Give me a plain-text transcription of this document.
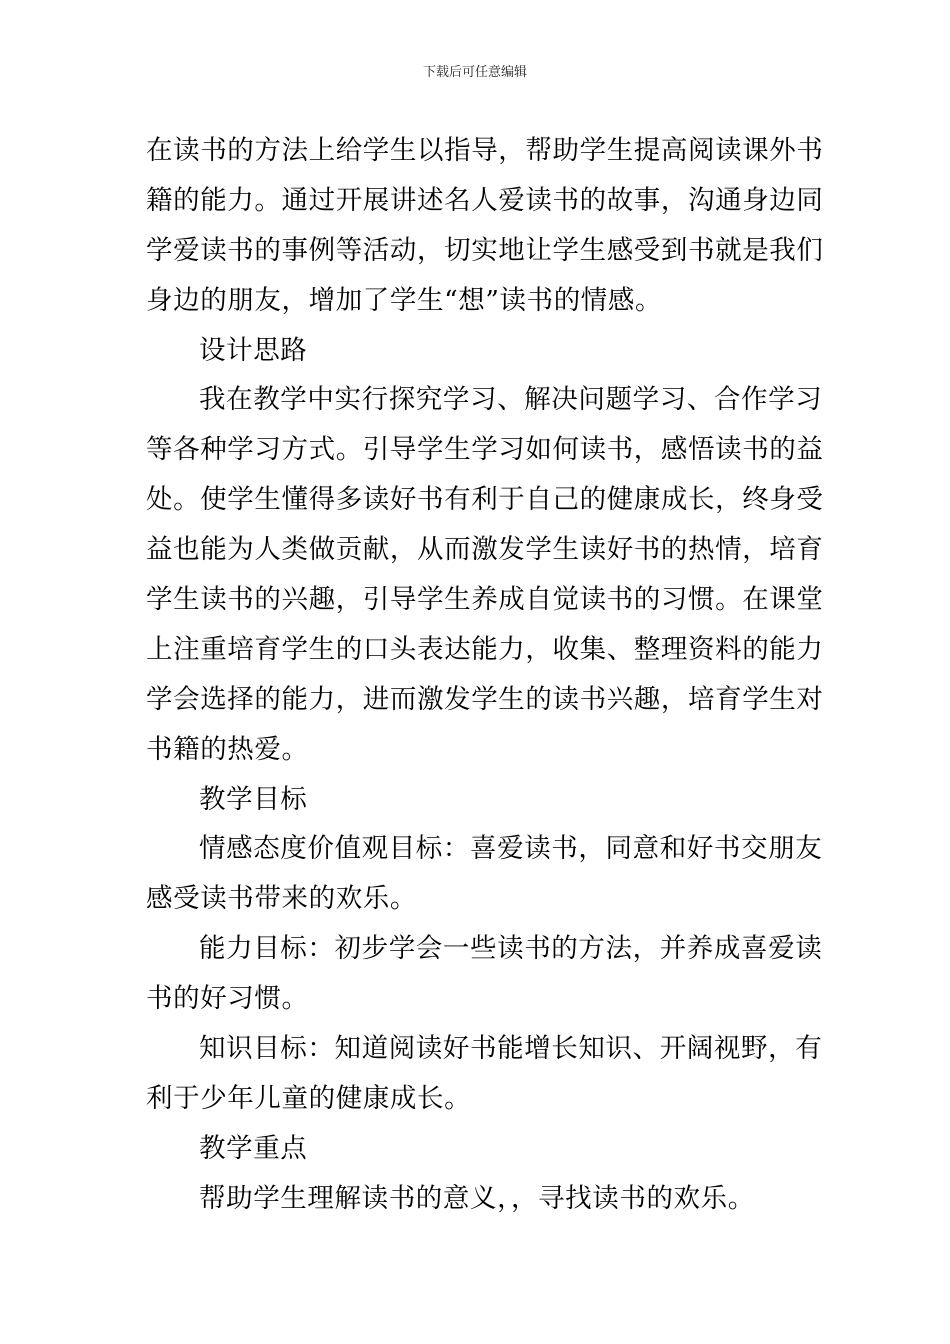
下载后可任意编辑
在读书的方法上给学生以指导，帮助学生提高阅读课外书
籍的能力。通过开展讲述名人爱读书的故事，沟通身边同
学爱读书的事例等活动，切实地让学生感受到书就是我们
身边的朋友，增加了学生“想”读书的情感。
设计思路
我在教学中实行探究学习、解决问题学习、合作学习
等各种学习方式。引导学生学习如何读书，感悟读书的益
处。使学生懂得多读好书有利于自己的健康成长，终身受
益也能为人类做贡献，从而激发学生读好书的热情，培育
学生读书的兴趣，引导学生养成自觉读书的习惯。在课堂
上注重培育学生的口头表达能力，收集、整理资料的能力
学会选择的能力，进而激发学生的读书兴趣，培育学生对
书籍的热爱。
教学目标
情感态度价值观目标：喜爱读书，同意和好书交朋友
感受读书带来的欢乐。
能力目标：初步学会一些读书的方法，并养成喜爱读
书的好习惯。
知识目标：知道阅读好书能增长知识、开阔视野，有
利于少年儿童的健康成长。
教学重点
帮助学生理解读书的意义，，寻找读书的欢乐。
